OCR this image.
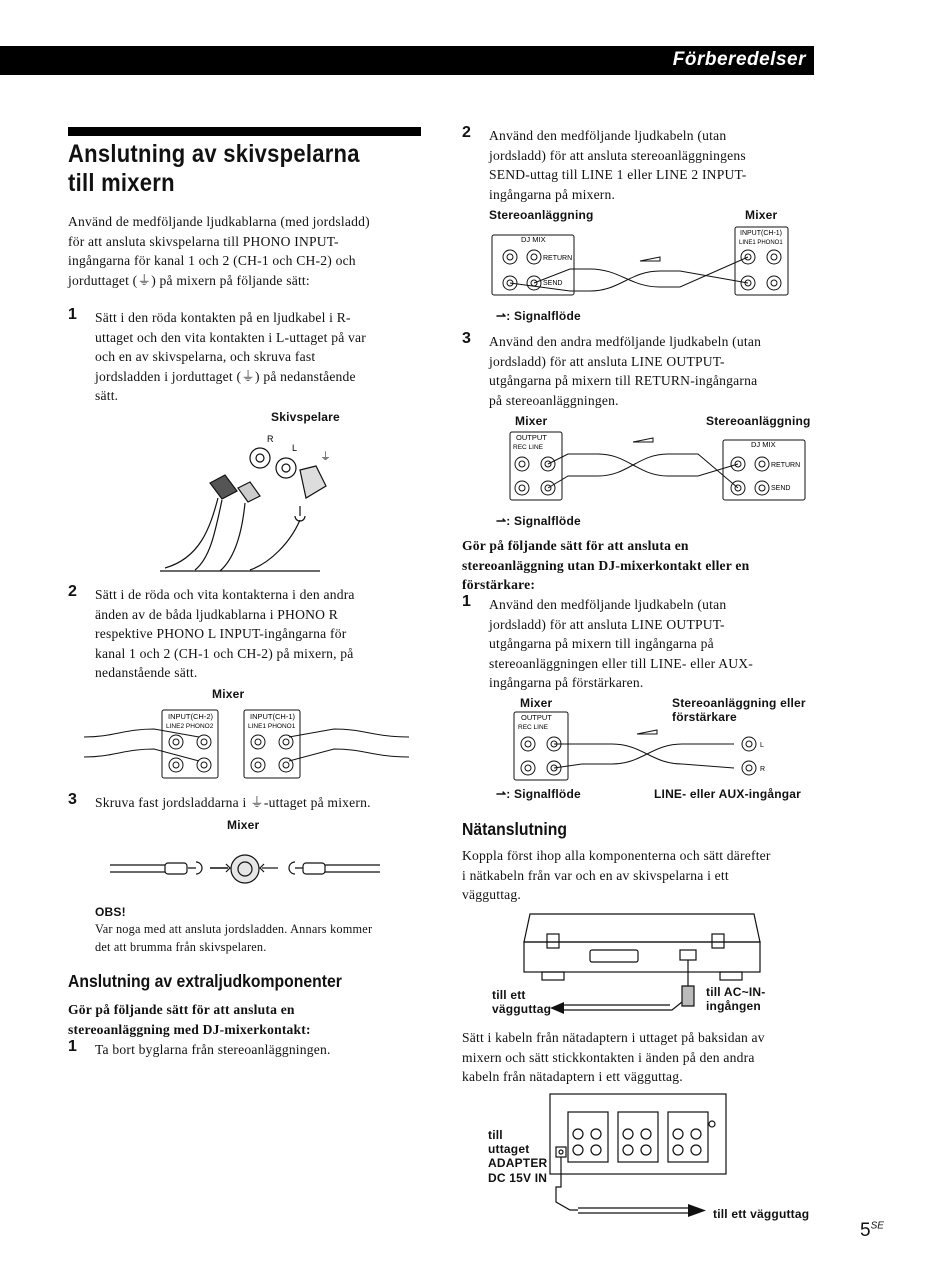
Förberedelser
Anslutning av skivspelarna till mixern
Använd de medföljande ljudkablarna (med jordsladd)
för att ansluta skivspelarna till PHONO INPUT-
ingångarna för kanal 1 och 2 (CH-1 och CH-2) och
jorduttaget (⏚) på mixern på följande sätt:
1 Sätt i den röda kontakten på en ljudkabel i R-
uttaget och den vita kontakten i L-uttaget på var
och en av skivspelarna, och skruva fast
jordsladden i jorduttaget (⏚) på nedanstående
sätt.
Skivspelare
R
L
⏚
2 Sätt i de röda och vita kontakterna i den andra
änden av de båda ljudkablarna i PHONO R
respektive PHONO L INPUT-ingångarna för
kanal 1 och 2 (CH-1 och CH-2) på mixern, på
nedanstående sätt.
Mixer
INPUT(CH-2)
LINE2 PHONO2
INPUT(CH-1)
LINE1 PHONO1
3 Skruva fast jordsladdarna i ⏚-uttaget på mixern.
Mixer
OBS!
Var noga med att ansluta jordsladden. Annars kommer
det att brumma från skivspelaren.
Anslutning av extraljudkomponenter
Gör på följande sätt för att ansluta en
stereoanläggning med DJ-mixerkontakt:
1 Ta bort byglarna från stereoanläggningen.
2 Använd den medföljande ljudkabeln (utan
jordsladd) för att ansluta stereoanläggningens
SEND-uttag till LINE 1 eller LINE 2 INPUT-
ingångarna på mixern.
Stereoanläggning	Mixer
DJ MIX
RETURN
SEND
INPUT(CH-1)
LINE1 PHONO1
⇀: Signalflöde
3 Använd den andra medföljande ljudkabeln (utan
jordsladd) för att ansluta LINE OUTPUT-
utgångarna på mixern till RETURN-ingångarna
på stereoanläggningen.
Mixer	Stereoanläggning
OUTPUT
REC LINE	DJ MIX
RETURN
SEND
⇀: Signalflöde
Gör på följande sätt för att ansluta en
stereoanläggning utan DJ-mixerkontakt eller en
förstärkare:
1 Använd den medföljande ljudkabeln (utan
jordsladd) för att ansluta LINE OUTPUT-
utgångarna på mixern till ingångarna på
stereoanläggningen eller till LINE- eller AUX-
ingångarna på förstärkaren.
Mixer	Stereoanläggning eller
förstärkare
OUTPUT
REC LINE
L
R
⇀: Signalflöde	LINE- eller AUX-ingångar
Nätanslutning
Koppla först ihop alla komponenterna och sätt därefter
i nätkabeln från var och en av skivspelarna i ett
vägguttag.
till ett
vägguttag
till AC~IN-
ingången
Sätt i kabeln från nätadaptern i uttaget på baksidan av
mixern och sätt stickkontakten i änden på den andra
kabeln från nätadaptern i ett vägguttag.
till
uttaget
ADAPTER
DC 15V IN
till ett vägguttag
$5^{SE}$
